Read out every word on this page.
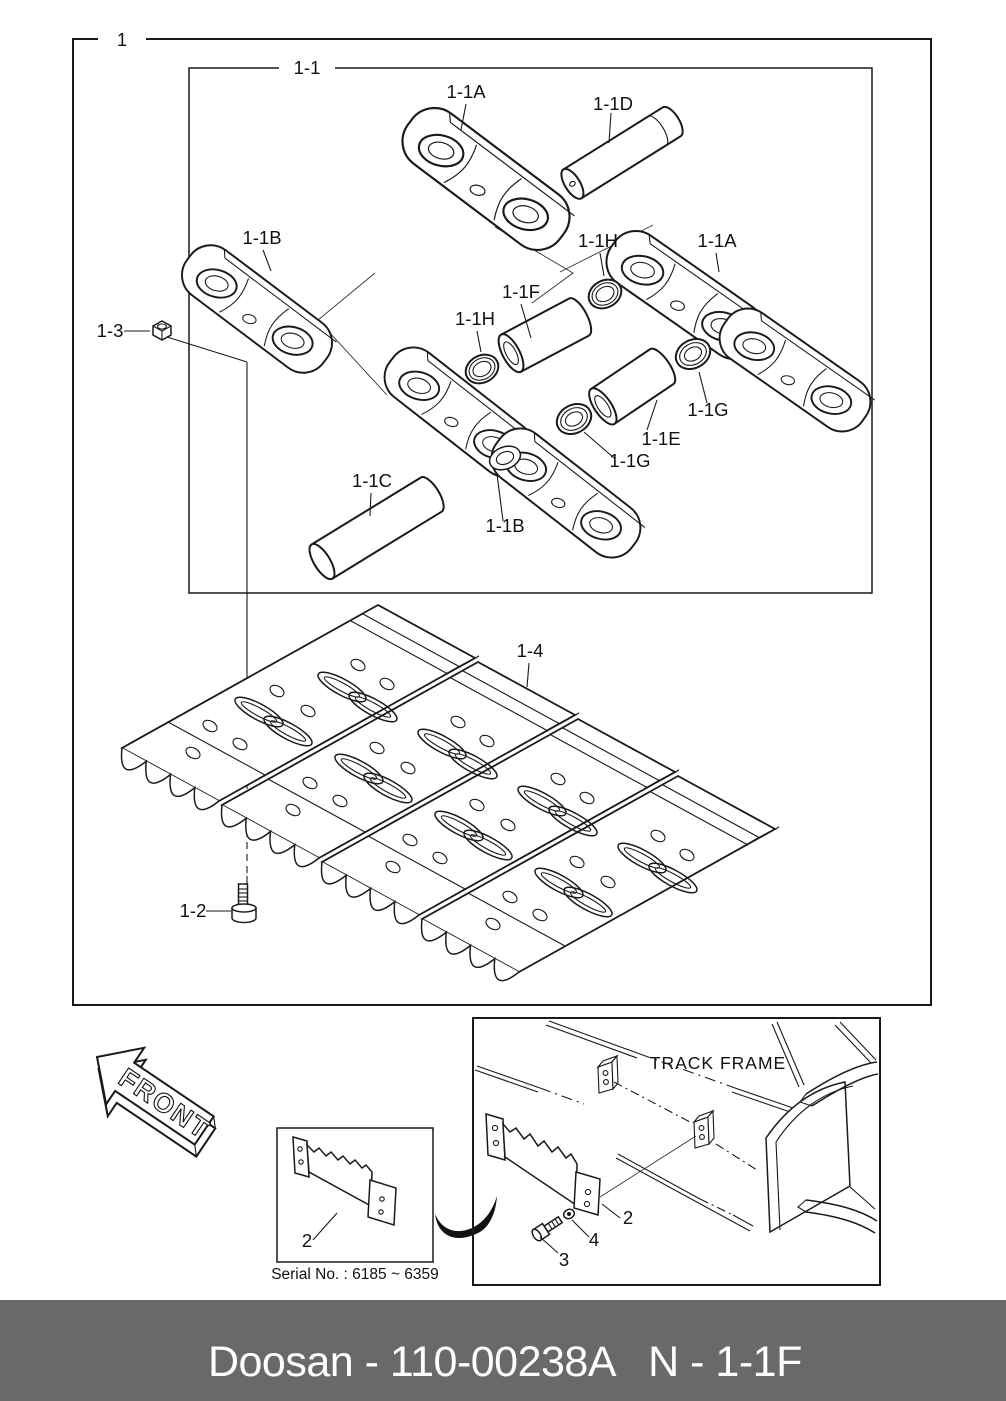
1
1-1
1-1A
1-1D
1-1B
1-3
1-1H	1-1A
1-1F
1-1H
1-1G
1-1E
1-1G
1-1C
1-1B
1-4
1-2
FRONT
2
Serial No. : 6185 ~ 6359
TRACK FRAME
2
3
4
Doosan - 110-00238A N - 1-1F
